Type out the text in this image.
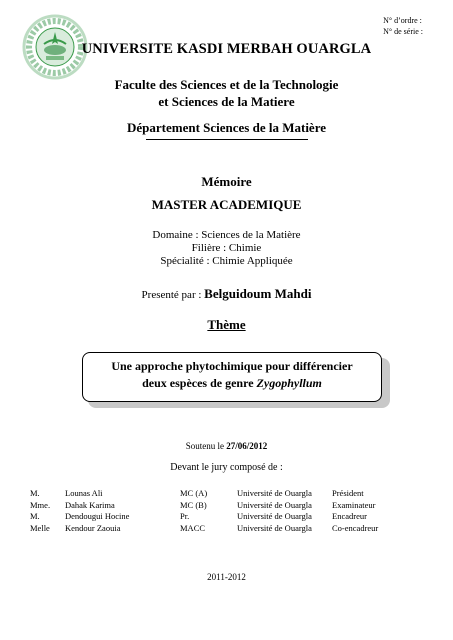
N° d’ordre :
N° de série :
UNIVERSITE KASDI MERBAH OUARGLA
Faculte des Sciences et de la Technologie
et Sciences de la Matiere
Département Sciences de la Matière
Mémoire
MASTER ACADEMIQUE
Domaine : Sciences de la Matière
Filière : Chimie
Spécialité : Chimie Appliquée
Presenté par : Belguidoum Mahdi
Thème
Une approche phytochimique pour différencier
deux espèces de genre Zygophyllum
Soutenu le 27/06/2012
Devant le jury composé de :
M.	Lounas Ali	MC (A)	Université de Ouargla Président
Mme. Dahak Karima	MC (B)	Université de Ouargla Examinateur
M.	Dendougui Hocine	Pr.	Université de Ouargla Encadreur
Melle Kendour Zaouia	MACC	Université de Ouargla Co-encadreur
2011-2012
